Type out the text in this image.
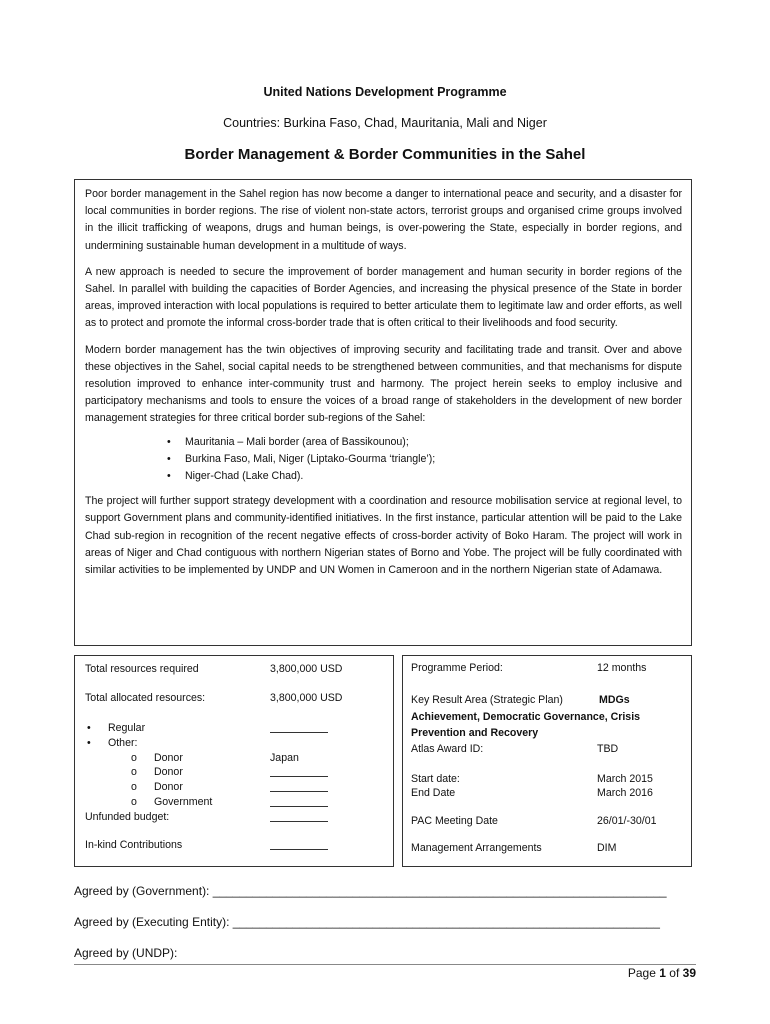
United Nations Development Programme
Countries: Burkina Faso, Chad, Mauritania, Mali and Niger
Border Management & Border Communities in the Sahel

Poor border management in the Sahel region has now become a danger to international peace and security, and a disaster for local communities in border regions. The rise of violent non-state actors, terrorist groups and organised crime groups involved in the illicit trafficking of weapons, drugs and human beings, is over-powering the State, especially in border regions, and undermining sustainable human development in a multitude of ways.

A new approach is needed to secure the improvement of border management and human security in border regions of the Sahel. In parallel with building the capacities of Border Agencies, and increasing the physical presence of the State in border areas, improved interaction with local populations is required to better articulate them to legitimate law and order efforts, as well as to protect and promote the informal cross-border trade that is often critical to their livelihoods and food security.

Modern border management has the twin objectives of improving security and facilitating trade and transit. Over and above these objectives in the Sahel, social capital needs to be strengthened between communities, and that mechanisms for dispute resolution improved to enhance inter-community trust and harmony. The project herein seeks to employ inclusive and participatory mechanisms and tools to ensure the voices of a broad range of stakeholders in the development of new border management strategies for three critical border sub-regions of the Sahel:

• Mauritania – Mali border (area of Bassikounou);
• Burkina Faso, Mali, Niger (Liptako-Gourma ‘triangle’);
• Niger-Chad (Lake Chad).

The project will further support strategy development with a coordination and resource mobilisation service at regional level, to support Government plans and community-identified initiatives. In the first instance, particular attention will be paid to the Lake Chad sub-region in recognition of the recent negative effects of cross-border activity of Boko Haram. The project will work in areas of Niger and Chad contiguous with northern Nigerian states of Borno and Yobe. The project will be fully coordinated with similar activities to be implemented by UNDP and UN Women in Cameroon and in the northern Nigerian state of Adamawa.

Total resources required	3,800,000 USD
Total allocated resources:	3,800,000 USD
• Regular
• Other:
o Donor	Japan
o Donor
o Donor
o Government
Unfunded budget:
In-kind Contributions
Programme Period:	12 months
Key Result Area (Strategic Plan)	MDGs
Achievement, Democratic Governance, Crisis
Prevention and Recovery
Atlas Award ID:	TBD
Start date:	March 2015
End Date	March 2016
PAC Meeting Date	26/01/-30/01
Management Arrangements	DIM
Agreed by (Government): ____________________________________________________________________
Agreed by (Executing Entity): ________________________________________________________________
Agreed by (UNDP):
Page 1 of 39
